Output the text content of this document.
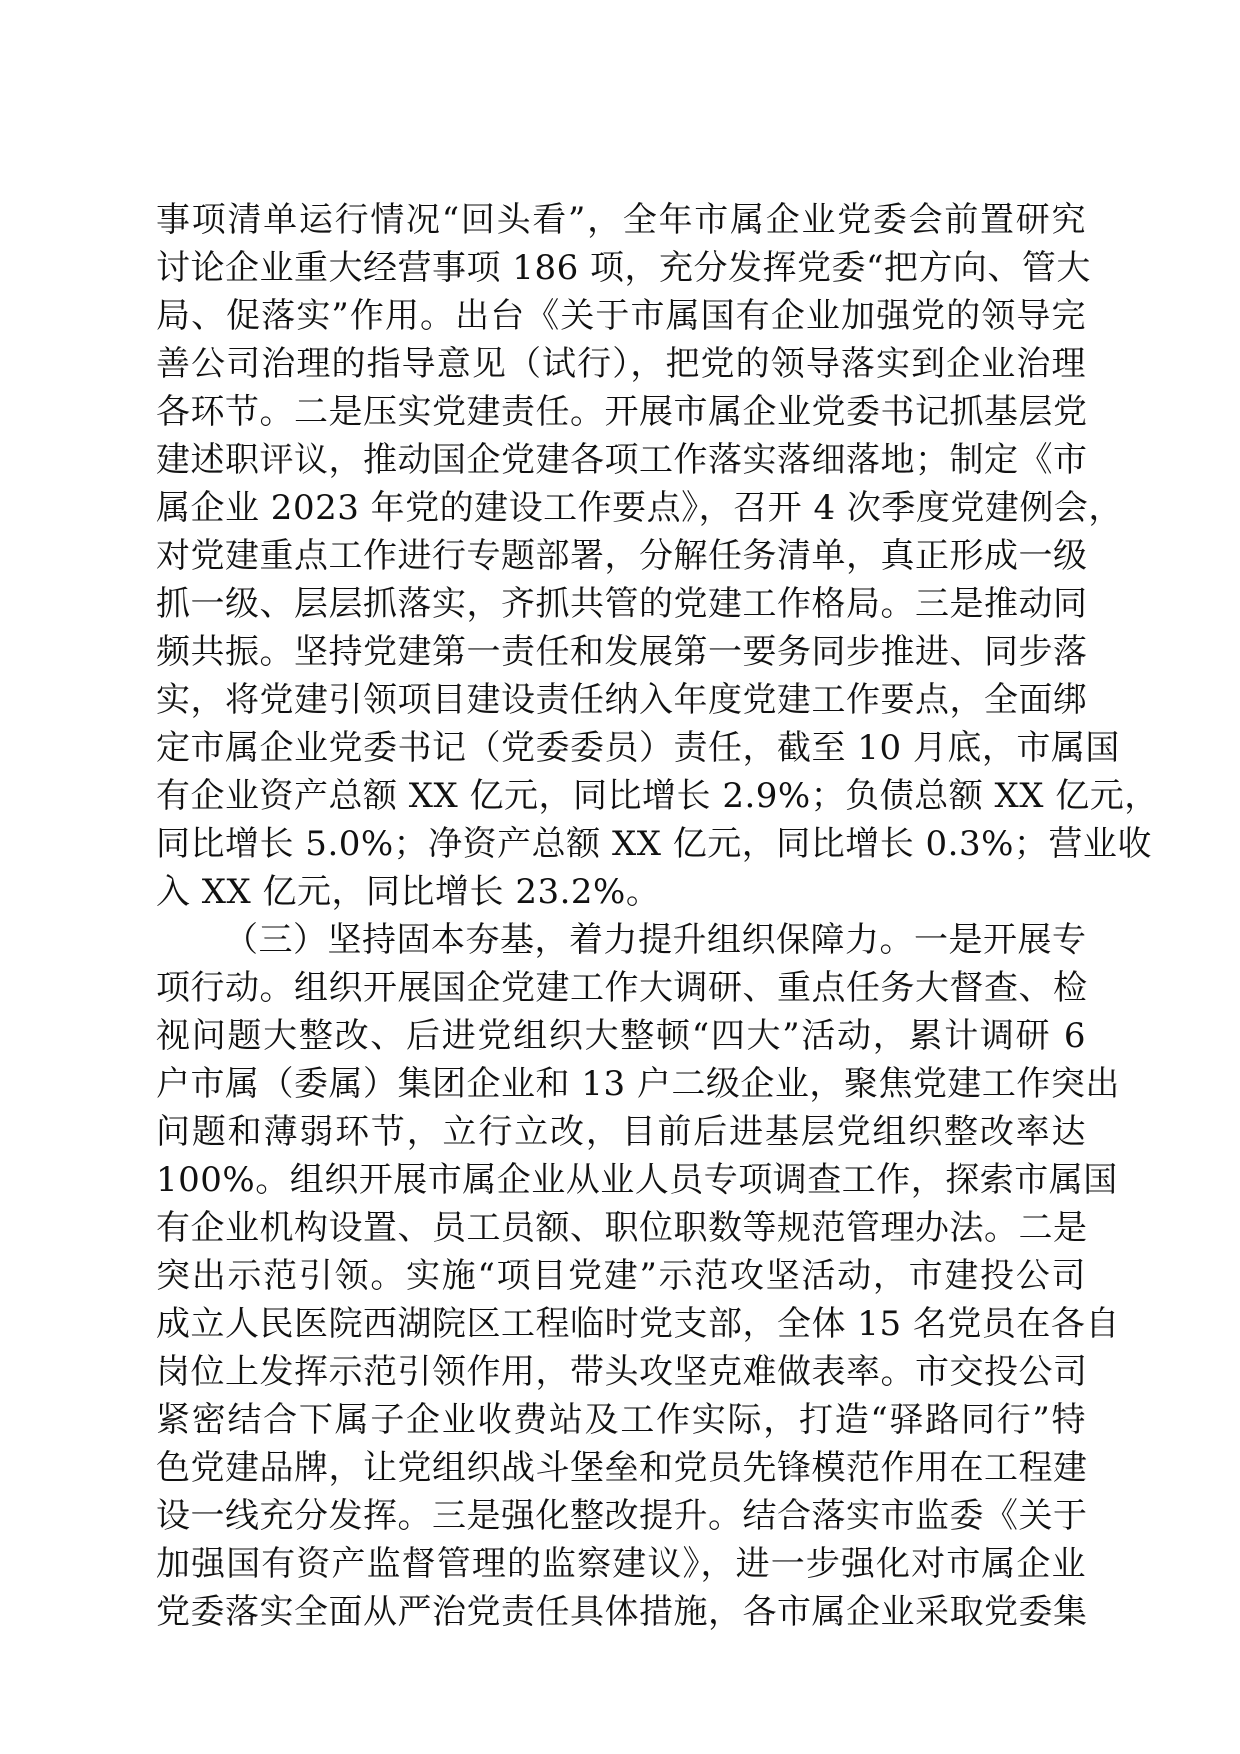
事项清单运行情况“回头看”，全年市属企业党委会前置研究
讨论企业重大经营事项 186 项，充分发挥党委“把方向、管大
局、促落实”作用。出台《关于市属国有企业加强党的领导完
善公司治理的指导意见（试行），把党的领导落实到企业治理
各环节。二是压实党建责任。开展市属企业党委书记抓基层党
建述职评议，推动国企党建各项工作落实落细落地；制定《市
属企业 2023 年党的建设工作要点》，召开 4 次季度党建例会，
对党建重点工作进行专题部署，分解任务清单，真正形成一级
抓一级、层层抓落实，齐抓共管的党建工作格局。三是推动同
频共振。坚持党建第一责任和发展第一要务同步推进、同步落
实，将党建引领项目建设责任纳入年度党建工作要点，全面绑
定市属企业党委书记（党委委员）责任，截至 10 月底，市属国
有企业资产总额 XX 亿元，同比增长 2.9%；负债总额 XX 亿元，
同比增长 5.0%；净资产总额 XX 亿元，同比增长 0.3%；营业收
入 XX 亿元，同比增长 23.2%。
（三）坚持固本夯基，着力提升组织保障力。一是开展专
项行动。组织开展国企党建工作大调研、重点任务大督查、检
视问题大整改、后进党组织大整顿“四大”活动，累计调研 6
户市属（委属）集团企业和 13 户二级企业，聚焦党建工作突出
问题和薄弱环节，立行立改，目前后进基层党组织整改率达
100%。组织开展市属企业从业人员专项调查工作，探索市属国
有企业机构设置、员工员额、职位职数等规范管理办法。二是
突出示范引领。实施“项目党建”示范攻坚活动，市建投公司
成立人民医院西湖院区工程临时党支部，全体 15 名党员在各自
岗位上发挥示范引领作用，带头攻坚克难做表率。市交投公司
紧密结合下属子企业收费站及工作实际，打造“驿路同行”特
色党建品牌，让党组织战斗堡垒和党员先锋模范作用在工程建
设一线充分发挥。三是强化整改提升。结合落实市监委《关于
加强国有资产监督管理的监察建议》，进一步强化对市属企业
党委落实全面从严治党责任具体措施，各市属企业采取党委集
